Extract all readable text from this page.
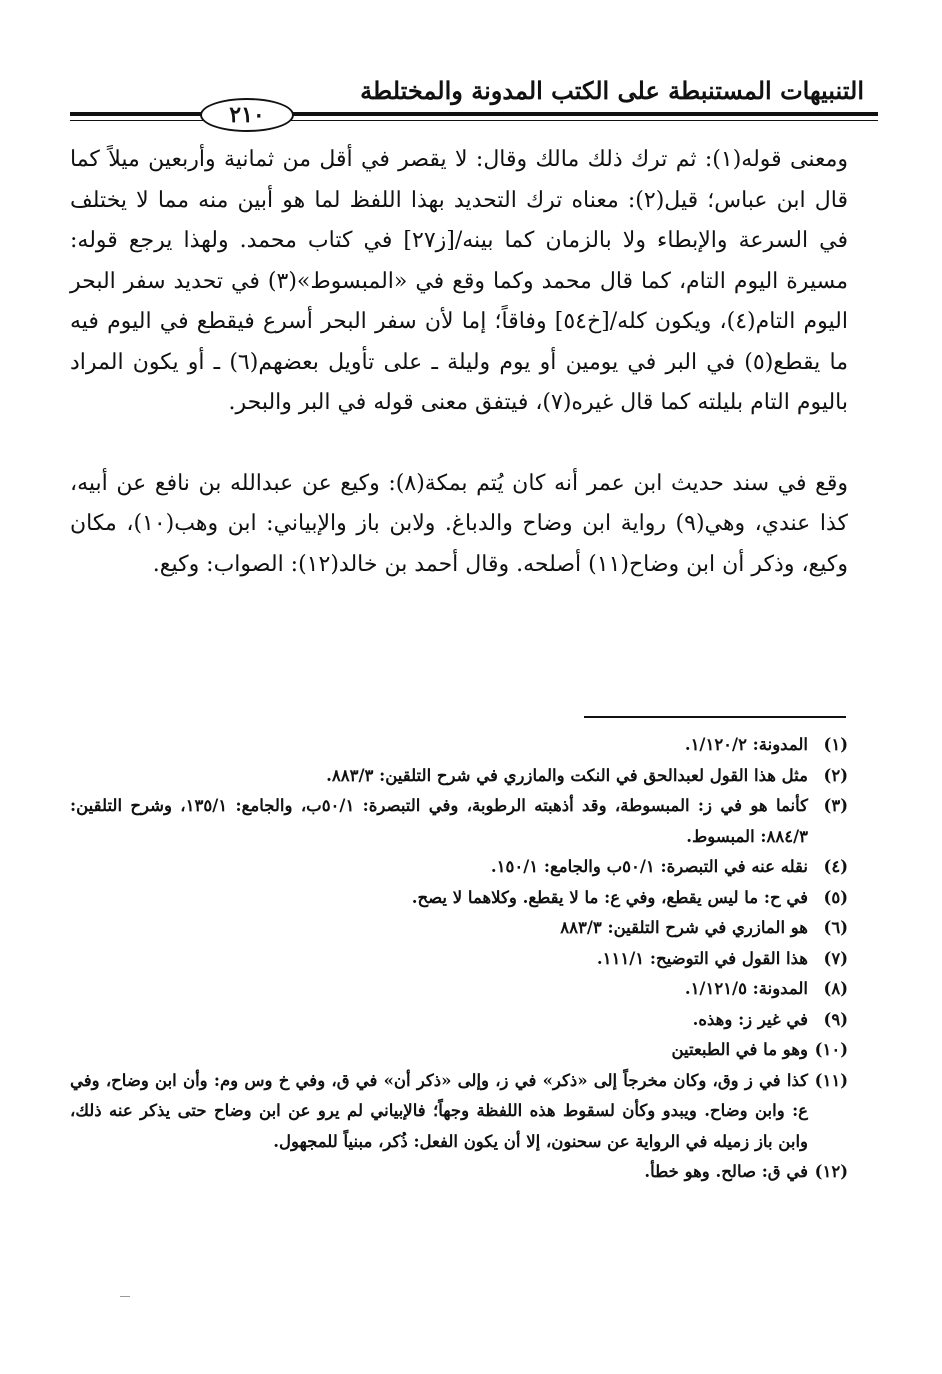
التنبيهات المستنبطة على الكتب المدونة والمختلطة
٢١٠

ومعنى قوله(١): ثم ترك ذلك مالك وقال: لا يقصر في أقل من ثمانية وأربعين ميلاً كما قال ابن عباس؛ قيل(٢): معناه ترك التحديد بهذا اللفظ لما هو أبين منه مما لا يختلف في السرعة والإبطاء ولا بالزمان كما بينه/[ز٢٧] في كتاب محمد. ولهذا يرجع قوله: مسيرة اليوم التام، كما قال محمد وكما وقع في «المبسوط»(٣) في تحديد سفر البحر اليوم التام(٤)، ويكون كله/[خ٥٤] وفاقاً؛ إما لأن سفر البحر أسرع فيقطع في اليوم فيه ما يقطع(٥) في البر في يومين أو يوم وليلة ـ على تأويل بعضهم(٦) ـ أو يكون المراد باليوم التام بليلته كما قال غيره(٧)، فيتفق معنى قوله في البر والبحر.

وقع في سند حديث ابن عمر أنه كان يُتم بمكة(٨): وكيع عن عبدالله بن نافع عن أبيه، كذا عندي، وهي(٩) رواية ابن وضاح والدباغ. ولابن باز والإبياني: ابن وهب(١٠)، مكان وكيع، وذكر أن ابن وضاح(١١) أصلحه. وقال أحمد بن خالد(١٢): الصواب: وكيع.

(١)
المدونة: ١/١٢٠/٢.
(٢)
مثل هذا القول لعبدالحق في النكت والمازري في شرح التلقين: ٨٨٣/٣.
(٣)
كأنما هو في ز: المبسوطة، وقد أذهبته الرطوبة، وفي التبصرة: ٥٠/١ب، والجامع: ١٣٥/١، وشرح التلقين: ٨٨٤/٣: المبسوط.
(٤)
نقله عنه في التبصرة: ٥٠/١ب والجامع: ١٥٠/١.
(٥)
في ح: ما ليس يقطع، وفي ع: ما لا يقطع. وكلاهما لا يصح.
(٦)
هو المازري في شرح التلقين: ٨٨٣/٣
(٧)
هذا القول في التوضيح: ١١١/١.
(٨)
المدونة: ١/١٢١/٥.
(٩)
في غير ز: وهذه.
(١٠)
وهو ما في الطبعتين
(١١)
كذا في ز وق، وكان مخرجاً إلى «ذكر» في ز، وإلى «ذكر أن» في ق، وفي خ وس وم: وأن ابن وضاح، وفي ع: وابن وضاح. ويبدو وكأن لسقوط هذه اللفظة وجهاً؛ فالإبياني لم يرو عن ابن وضاح حتى يذكر عنه ذلك، وابن باز زميله في الرواية عن سحنون، إلا أن يكون الفعل: ذُكر، مبنياً للمجهول.
(١٢)
في ق: صالح. وهو خطأ.
